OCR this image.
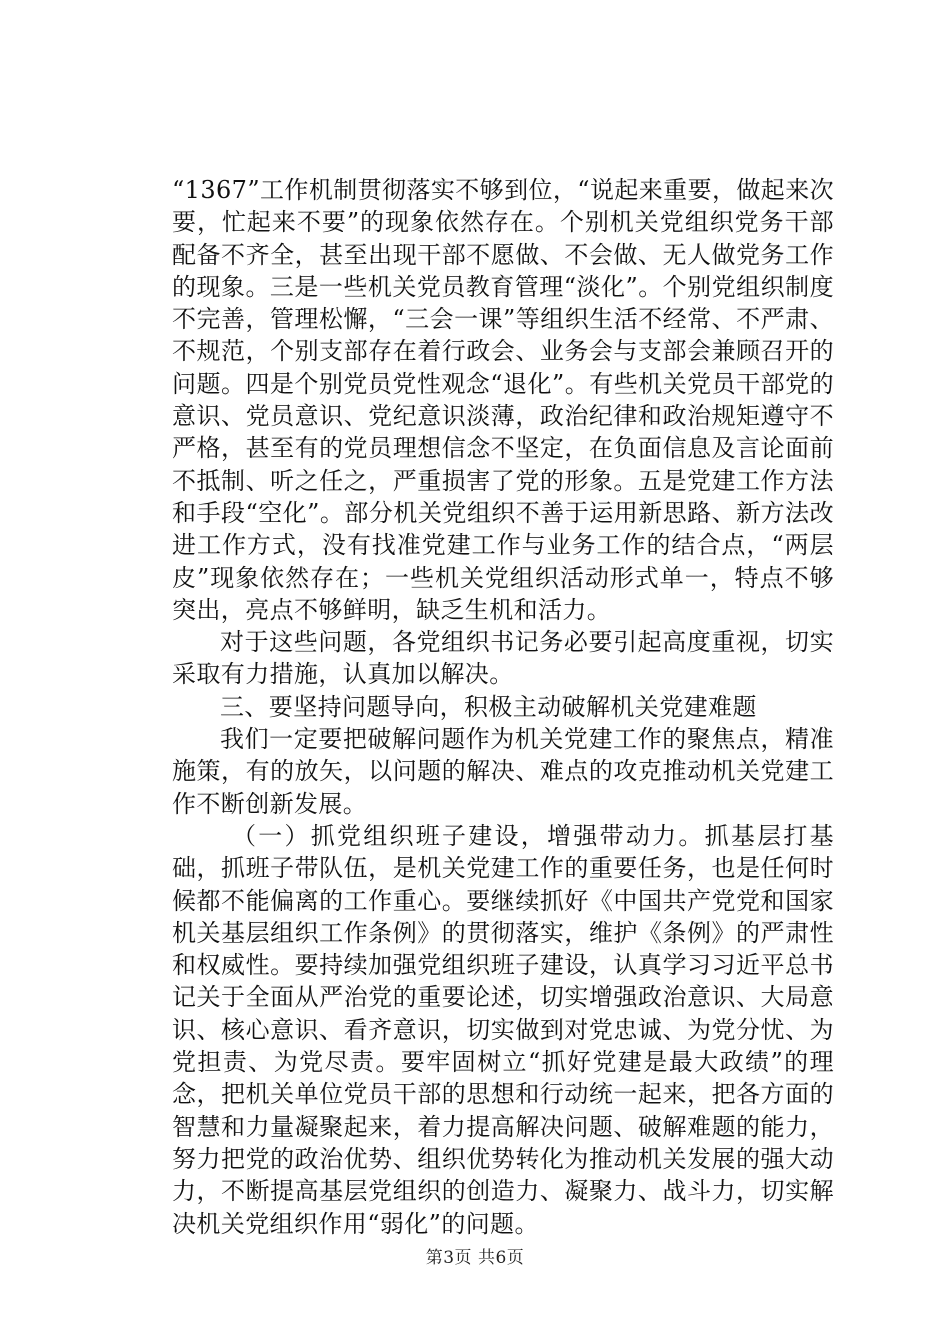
“1367”工作机制贯彻落实不够到位，“说起来重要，做起来次要，忙起来不要”的现象依然存在。个别机关党组织党务干部配备不齐全，甚至出现干部不愿做、不会做、无人做党务工作的现象。三是一些机关党员教育管理“淡化”。个别党组织制度不完善，管理松懈，“三会一课”等组织生活不经常、不严肃、不规范，个别支部存在着行政会、业务会与支部会兼顾召开的问题。四是个别党员党性观念“退化”。有些机关党员干部党的意识、党员意识、党纪意识淡薄，政治纪律和政治规矩遵守不严格，甚至有的党员理想信念不坚定，在负面信息及言论面前不抵制、听之任之，严重损害了党的形象。五是党建工作方法和手段“空化”。部分机关党组织不善于运用新思路、新方法改进工作方式，没有找准党建工作与业务工作的结合点，“两层皮”现象依然存在；一些机关党组织活动形式单一，特点不够突出，亮点不够鲜明，缺乏生机和活力。

对于这些问题，各党组织书记务必要引起高度重视，切实采取有力措施，认真加以解决。

三、要坚持问题导向，积极主动破解机关党建难题

我们一定要把破解问题作为机关党建工作的聚焦点，精准施策，有的放矢，以问题的解决、难点的攻克推动机关党建工作不断创新发展。

（一）抓党组织班子建设，增强带动力。抓基层打基础，抓班子带队伍，是机关党建工作的重要任务，也是任何时候都不能偏离的工作重心。要继续抓好《中国共产党党和国家机关基层组织工作条例》的贯彻落实，维护《条例》的严肃性和权威性。要持续加强党组织班子建设，认真学习习近平总书记关于全面从严治党的重要论述，切实增强政治意识、大局意识、核心意识、看齐意识，切实做到对党忠诚、为党分忧、为党担责、为党尽责。要牢固树立“抓好党建是最大政绩”的理念，把机关单位党员干部的思想和行动统一起来，把各方面的智慧和力量凝聚起来，着力提高解决问题、破解难题的能力，努力把党的政治优势、组织优势转化为推动机关发展的强大动力，不断提高基层党组织的创造力、凝聚力、战斗力，切实解决机关党组织作用“弱化”的问题。

第3页 共6页
